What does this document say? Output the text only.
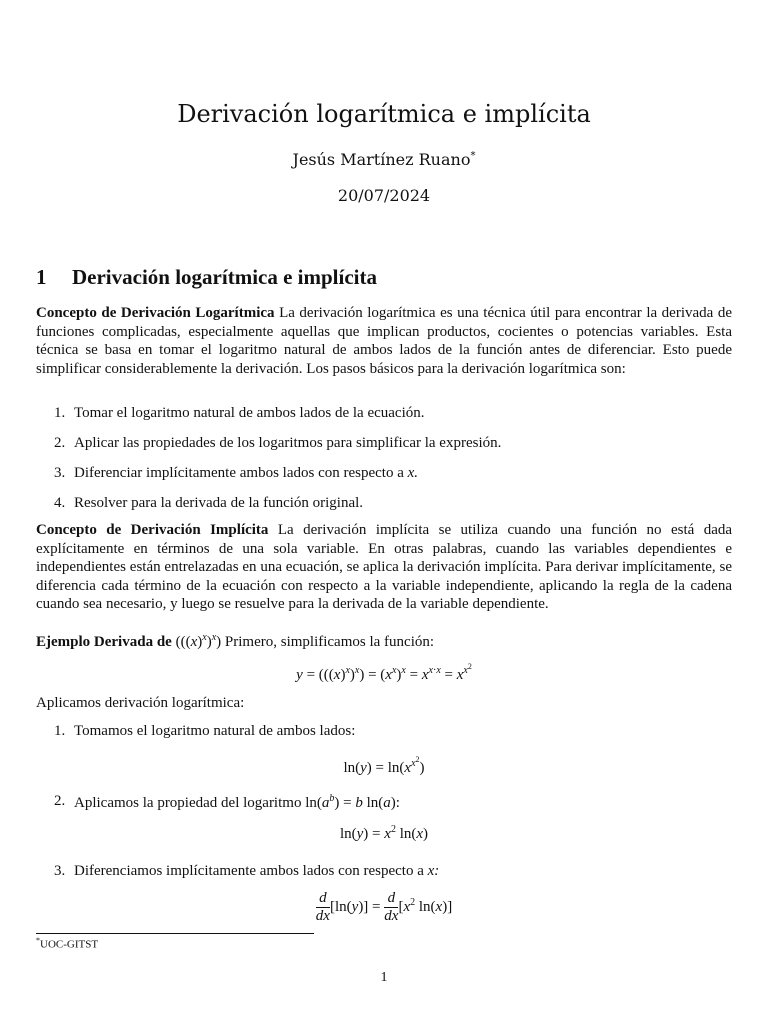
Derivación logarítmica e implícita
Jesús Martínez Ruano*
20/07/2024
1 Derivación logarítmica e implícita
Concepto de Derivación Logarítmica La derivación logarítmica es una técnica útil para encontrar la derivada de funciones complicadas, especialmente aquellas que implican productos, cocientes o potencias variables. Esta técnica se basa en tomar el logaritmo natural de ambos lados de la función antes de diferenciar. Esto puede simplificar considerablemente la derivación. Los pasos básicos para la derivación logarítmica son:
1. Tomar el logaritmo natural de ambos lados de la ecuación.
2. Aplicar las propiedades de los logaritmos para simplificar la expresión.
3. Diferenciar implícitamente ambos lados con respecto a x.
4. Resolver para la derivada de la función original.
Concepto de Derivación Implícita La derivación implícita se utiliza cuando una función no está dada explícitamente en términos de una sola variable. En otras palabras, cuando las variables dependientes e independientes están entrelazadas en una ecuación, se aplica la derivación implícita. Para derivar implícitamente, se diferencia cada término de la ecuación con respecto a la variable independiente, aplicando la regla de la cadena cuando sea necesario, y luego se resuelve para la derivada de la variable dependiente.
Ejemplo Derivada de $(((x)^x)^x)$ Primero, simplificamos la función:
$y = (((x)^x)^x) = (x^x)^x = x^{x\cdot x} = x^{x^2}$
Aplicamos derivación logarítmica:
1. Tomamos el logaritmo natural de ambos lados:
$\ln(y) = \ln(x^{x^2})$
2. Aplicamos la propiedad del logaritmo $\ln(a^b) = b$ ln(a):
$\ln(y) = x^2$ ln(x)
3. Diferenciamos implícitamente ambos lados con respecto a x:
$\frac{d}{dx} [\ln(y)] = \frac{d}{dx} [x^2$ ln(x)]
*UOC-GITST
1
